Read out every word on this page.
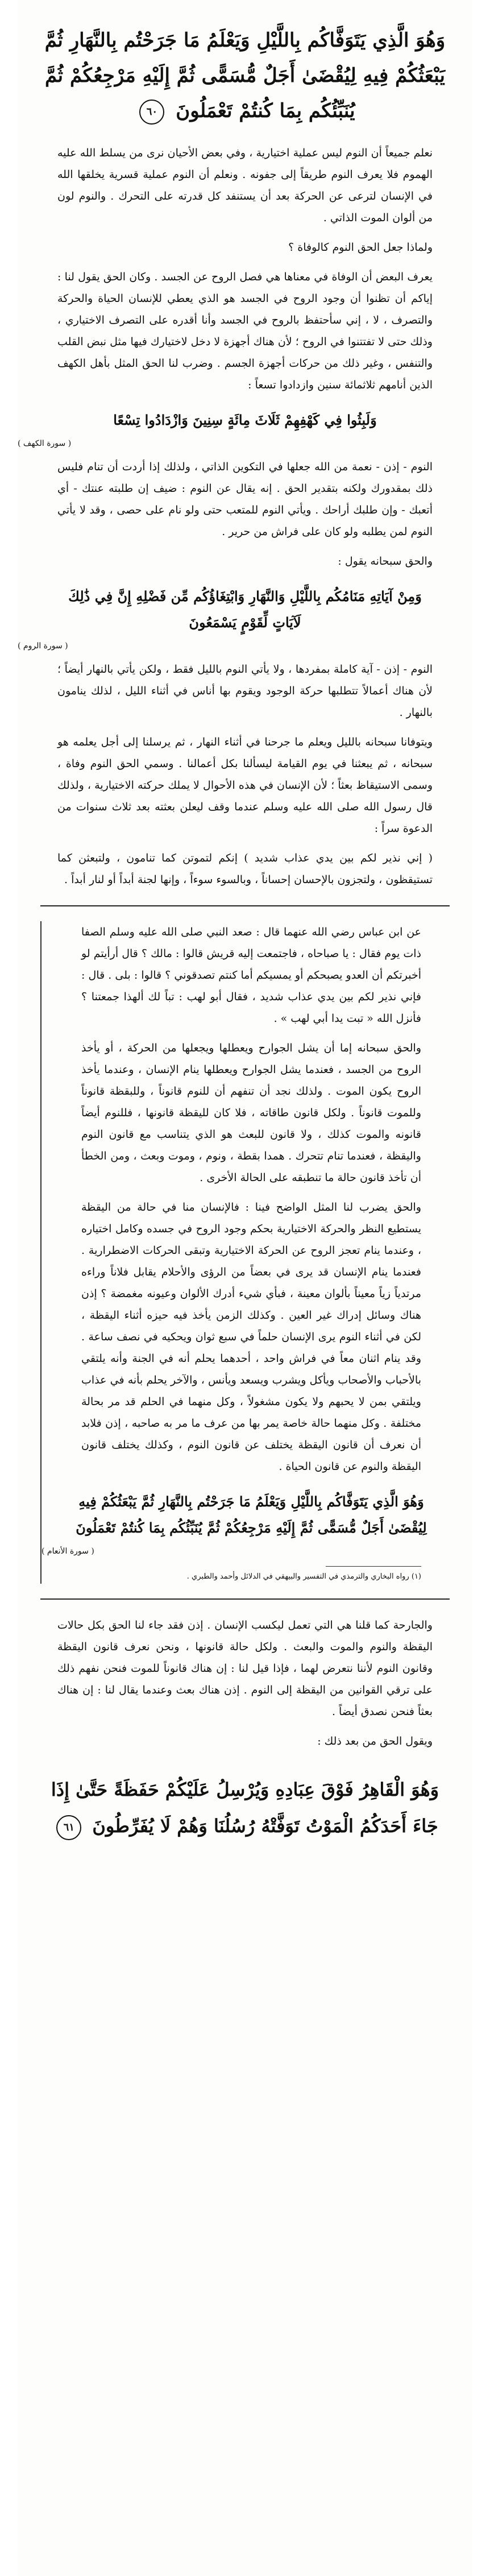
وَهُوَ الَّذِي يَتَوَفَّاكُم بِاللَّيْلِ وَيَعْلَمُ مَا جَرَحْتُم بِالنَّهَارِ ثُمَّ يَبْعَثُكُمْ فِيهِ لِيُقْضَىٰ أَجَلٌ مُّسَمًّى ثُمَّ إِلَيْهِ مَرْجِعُكُمْ ثُمَّ يُنَبِّئُكُم بِمَا كُنتُمْ تَعْمَلُونَ ٦٠

نعلم جميعاً أن النوم ليس عملية اختيارية ، وفي بعض الأحيان نرى من يسلط الله عليه الهموم فلا يعرف النوم طريقاً إلى جفونه . ونعلم أن النوم عملية قسرية يخلقها الله في الإنسان لترعى عن الحركة بعد أن يستنفد كل قدرته على التحرك . والنوم لون من ألوان الموت الذاتي .

ولماذا جعل الحق النوم كالوفاة ؟

يعرف البعض أن الوفاة في معناها هي فصل الروح عن الجسد . وكان الحق يقول لنا : إياكم أن تظنوا أن وجود الروح في الجسد هو الذي يعطي للإنسان الحياة والحركة والتصرف ، لا ، إني سأحتفظ بالروح في الجسد وأنا أقدره على التصرف الاختياري ، وذلك حتى لا تفتتنوا في الروح ؛ لأن هناك أجهزة لا دخل لاختيارك فيها مثل نبض القلب والتنفس ، وغير ذلك من حركات أجهزة الجسم . وضرب لنا الحق المثل بأهل الكهف الذين أنامهم ثلاثمائة سنين وازدادوا تسعاً :

وَلَبِثُوا فِي كَهْفِهِمْ ثَلَاثَ مِائَةٍ سِنِينَ وَازْدَادُوا تِسْعًا
( سورة الكهف )

النوم - إذن - نعمة من الله جعلها في التكوين الذاتي ، ولذلك إذا أردت أن تنام فليس ذلك بمقدورك ولكنه بتقدير الحق . إنه يقال عن النوم : ضيف إن طلبته عنتك - أي أتعبك - وإن طلبك أراحك . ويأتي النوم للمتعب حتى ولو نام على حصى ، وقد لا يأتي النوم لمن يطلبه ولو كان على فراش من حرير .

والحق سبحانه يقول :

وَمِنْ آيَاتِهِ مَنَامُكُم بِاللَّيْلِ وَالنَّهَارِ وَابْتِغَاؤُكُم مِّن فَضْلِهِ إِنَّ فِي ذَٰلِكَ لَآيَاتٍ لِّقَوْمٍ يَسْمَعُونَ
( سورة الروم )

النوم - إذن - آية كاملة بمفردها ، ولا يأتي النوم بالليل فقط ، ولكن يأتي بالنهار أيضاً ؛ لأن هناك أعمالاً تتطلبها حركة الوجود ويقوم بها أناس في أثناء الليل ، لذلك ينامون بالنهار .

ويتوفانا سبحانه بالليل ويعلم ما جرحنا في أثناء النهار ، ثم يرسلنا إلى أجل يعلمه هو سبحانه ، ثم يبعثنا في يوم القيامة ليسألنا بكل أعمالنا . وسمي الحق النوم وفاة ، وسمى الاستيقاظ بعثاً ؛ لأن الإنسان في هذه الأحوال لا يملك حركته الاختيارية ، ولذلك قال رسول الله صلى الله عليه وسلم عندما وقف ليعلن بعثته بعد ثلاث سنوات من الدعوة سراً :

( إني نذير لكم بين يدي عذاب شديد ) إنكم لتموتن كما تنامون ، ولتبعثن كما تستيقظون ، ولتجزون بالإحسان إحساناً ، وبالسوء سوءاً ، وإنها لجنة أبداً أو لنار أبداً .

عن ابن عباس رضي الله عنهما قال : صعد النبي صلى الله عليه وسلم الصفا ذات يوم فقال : يا صباحاه ، فاجتمعت إليه قريش قالوا : مالك ؟ قال أرأيتم لو أخبرتكم أن العدو يصبحكم أو يمسيكم أما كنتم تصدقوني ؟ قالوا : بلى . قال : فإني نذير لكم بين يدي عذاب شديد ، فقال أبو لهب : تباً لك ألهذا جمعتنا ؟ فأنزل الله « تبت يدا أبي لهب » .

والحق سبحانه إما أن يشل الجوارح ويعطلها ويجعلها من الحركة ، أو يأخذ الروح من الجسد ، فعندما يشل الجوارح ويعطلها ينام الإنسان ، وعندما يأخذ الروح يكون الموت . ولذلك نجد أن تنفهم أن للنوم قانوناً ، وللبقظة قانوناً وللموت قانوناً . ولكل قانون طاقاته ، فلا كان لليقظة قانونها ، فللنوم أيضاً قانونه والموت كذلك ، ولا قانون للبعث هو الذي يتناسب مع قانون النوم واليقظة ، فعندما تنام تتحرك . همدا بقطة ، ونوم ، وموت وبعث ، ومن الخطأ أن تأخذ قانون حالة ما تنطبقه على الحالة الأخرى .

والحق يضرب لنا المثل الواضح فينا : فالإنسان منا في حالة من اليقظة يستطيع النظر والحركة الاختيارية بحكم وجود الروح في جسده وكامل اختياره ، وعندما ينام تعجز الروح عن الحركة الاختيارية وتبقى الحركات الاضطرارية . فعندما ينام الإنسان قد يرى في بعضاً من الرؤى والأحلام يقابل فلاناً وراءه مرتدياً زياً معيناً بألوان معينة ، فبأي شيء أدرك الألوان وعيونه مغمضة ؟ إذن هناك وسائل إدراك غير العين . وكذلك الزمن يأخذ فيه حيزه أثناء اليقظة ، لكن في أثناء النوم يرى الإنسان حلماً في سبع ثوان ويحكيه في نصف ساعة . وقد ينام اثنان معاً في فراش واحد ، أحدهما يحلم أنه في الجنة وأنه يلتقي بالأحباب والأصحاب ويأكل ويشرب ويسعد ويأنس ، والآخر يحلم بأنه في عذاب ويلتقي بمن لا يحبهم ولا يكون مشغولاً ، وكل منهما في الحلم قد مر بحالة مختلفة . وكل منهما حالة خاصة يمر بها من عرف ما مر به صاحبه ، إذن فلابد أن نعرف أن قانون اليقظة يختلف عن قانون النوم ، وكذلك يختلف قانون اليقظة والنوم عن قانون الحياة .

وَهُوَ الَّذِي يَتَوَفَّاكُم بِاللَّيْلِ وَيَعْلَمُ مَا جَرَحْتُم بِالنَّهَارِ ثُمَّ يَبْعَثُكُمْ فِيهِ لِيُقْضَىٰ أَجَلٌ مُّسَمًّى ثُمَّ إِلَيْهِ مَرْجِعُكُمْ ثُمَّ يُنَبِّئُكُم بِمَا كُنتُمْ تَعْمَلُونَ
( سورة الأنعام )
(١) رواه البخاري والترمذي في التفسير والبيهقي في الدلائل وأحمد والطبري .

والجارحة كما قلنا هي التي تعمل ليكسب الإنسان . إذن فقد جاء لنا الحق بكل حالات اليقظة والنوم والموت والبعث . ولكل حالة قانونها ، ونحن نعرف قانون اليقظة وقانون النوم لأننا نتعرض لهما ، فإذا قيل لنا : إن هناك قانوناً للموت فنحن نفهم ذلك على ترقي القوانين من اليقظة إلى النوم . إذن هناك بعث وعندما يقال لنا : إن هناك بعثاً فنحن نصدق أيضاً .

ويقول الحق من بعد ذلك :

وَهُوَ الْقَاهِرُ فَوْقَ عِبَادِهِ وَيُرْسِلُ عَلَيْكُمْ حَفَظَةً حَتَّىٰ إِذَا جَاءَ أَحَدَكُمُ الْمَوْتُ تَوَفَّتْهُ رُسُلُنَا وَهُمْ لَا يُفَرِّطُونَ ٦١
